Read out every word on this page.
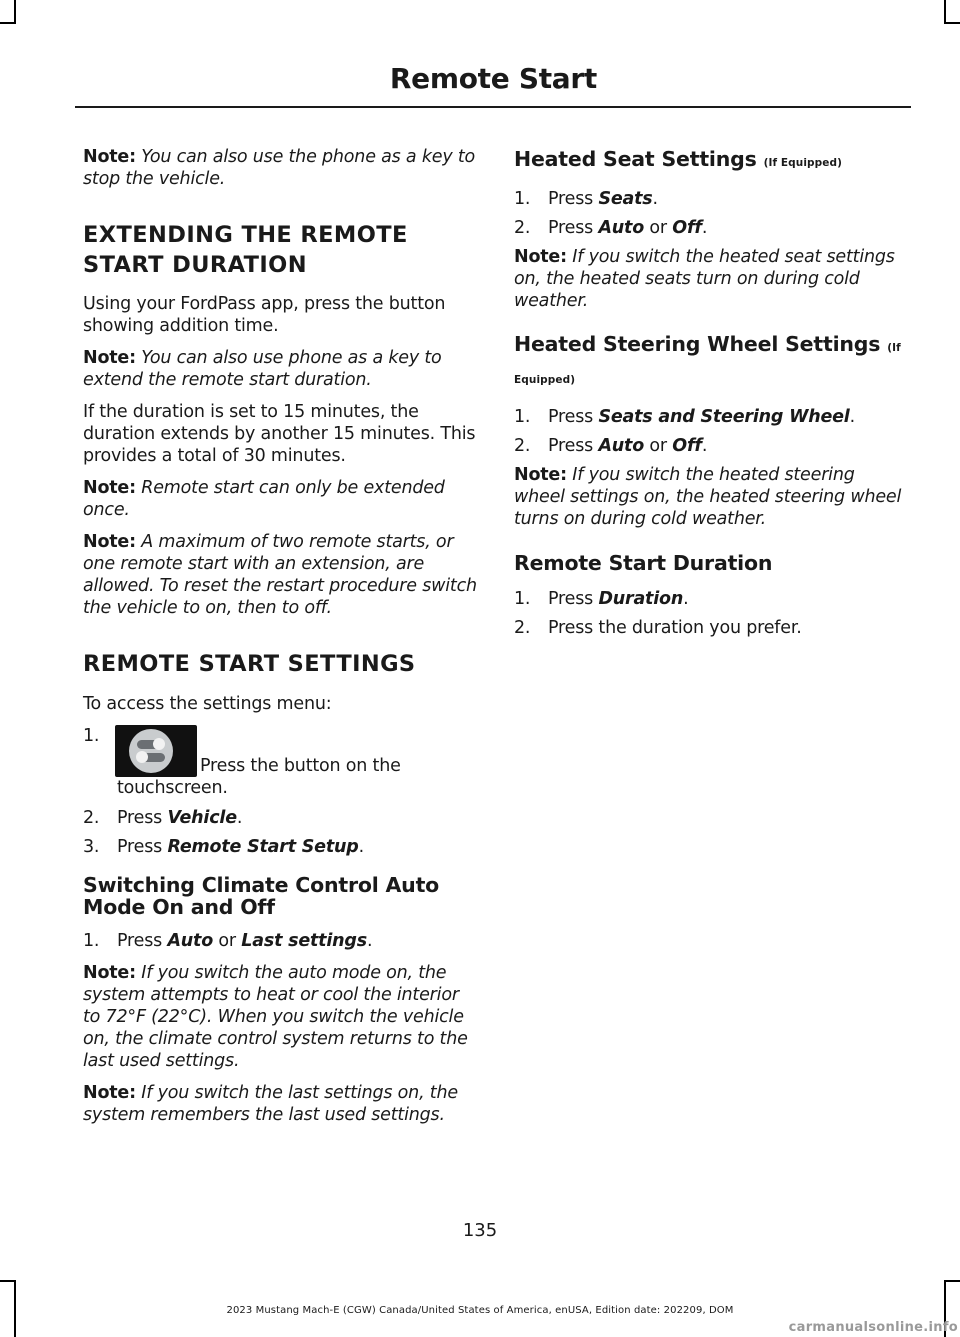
Remote Start

Note: You can also use the phone as a key to stop the vehicle.

EXTENDING THE REMOTE
START DURATION

Using your FordPass app, press the button showing addition time.

Note: You can also use phone as a key to extend the remote start duration.

If the duration is set to 15 minutes, the duration extends by another 15 minutes. This provides a total of 30 minutes.

Note: Remote start can only be extended once.

Note: A maximum of two remote starts, or one remote start with an extension, are allowed. To reset the restart procedure switch the vehicle to on, then to off.

REMOTE START SETTINGS

To access the settings menu:

1.
Press the button on the touchscreen.
2.	Press Vehicle.
3.	Press Remote Start Setup.
Switching Climate Control Auto Mode On and Off
1.	Press Auto or Last settings.

Note: If you switch the auto mode on, the system attempts to heat or cool the interior to 72°F (22°C). When you switch the vehicle on, the climate control system returns to the last used settings.

Note: If you switch the last settings on, the system remembers the last used settings.

Heated Seat Settings (If Equipped)
1.	Press Seats.
2.	Press Auto or Off.

Note: If you switch the heated seat settings on, the heated seats turn on during cold weather.

Heated Steering Wheel Settings (If
Equipped)
1.	Press Seats and Steering Wheel.
2.	Press Auto or Off.

Note: If you switch the heated steering wheel settings on, the heated steering wheel turns on during cold weather.

Remote Start Duration
1.	Press Duration.
2.	Press the duration you prefer.
135
2023 Mustang Mach-E (CGW) Canada/United States of America, enUSA, Edition date: 202209, DOM
carmanualsonline.info
